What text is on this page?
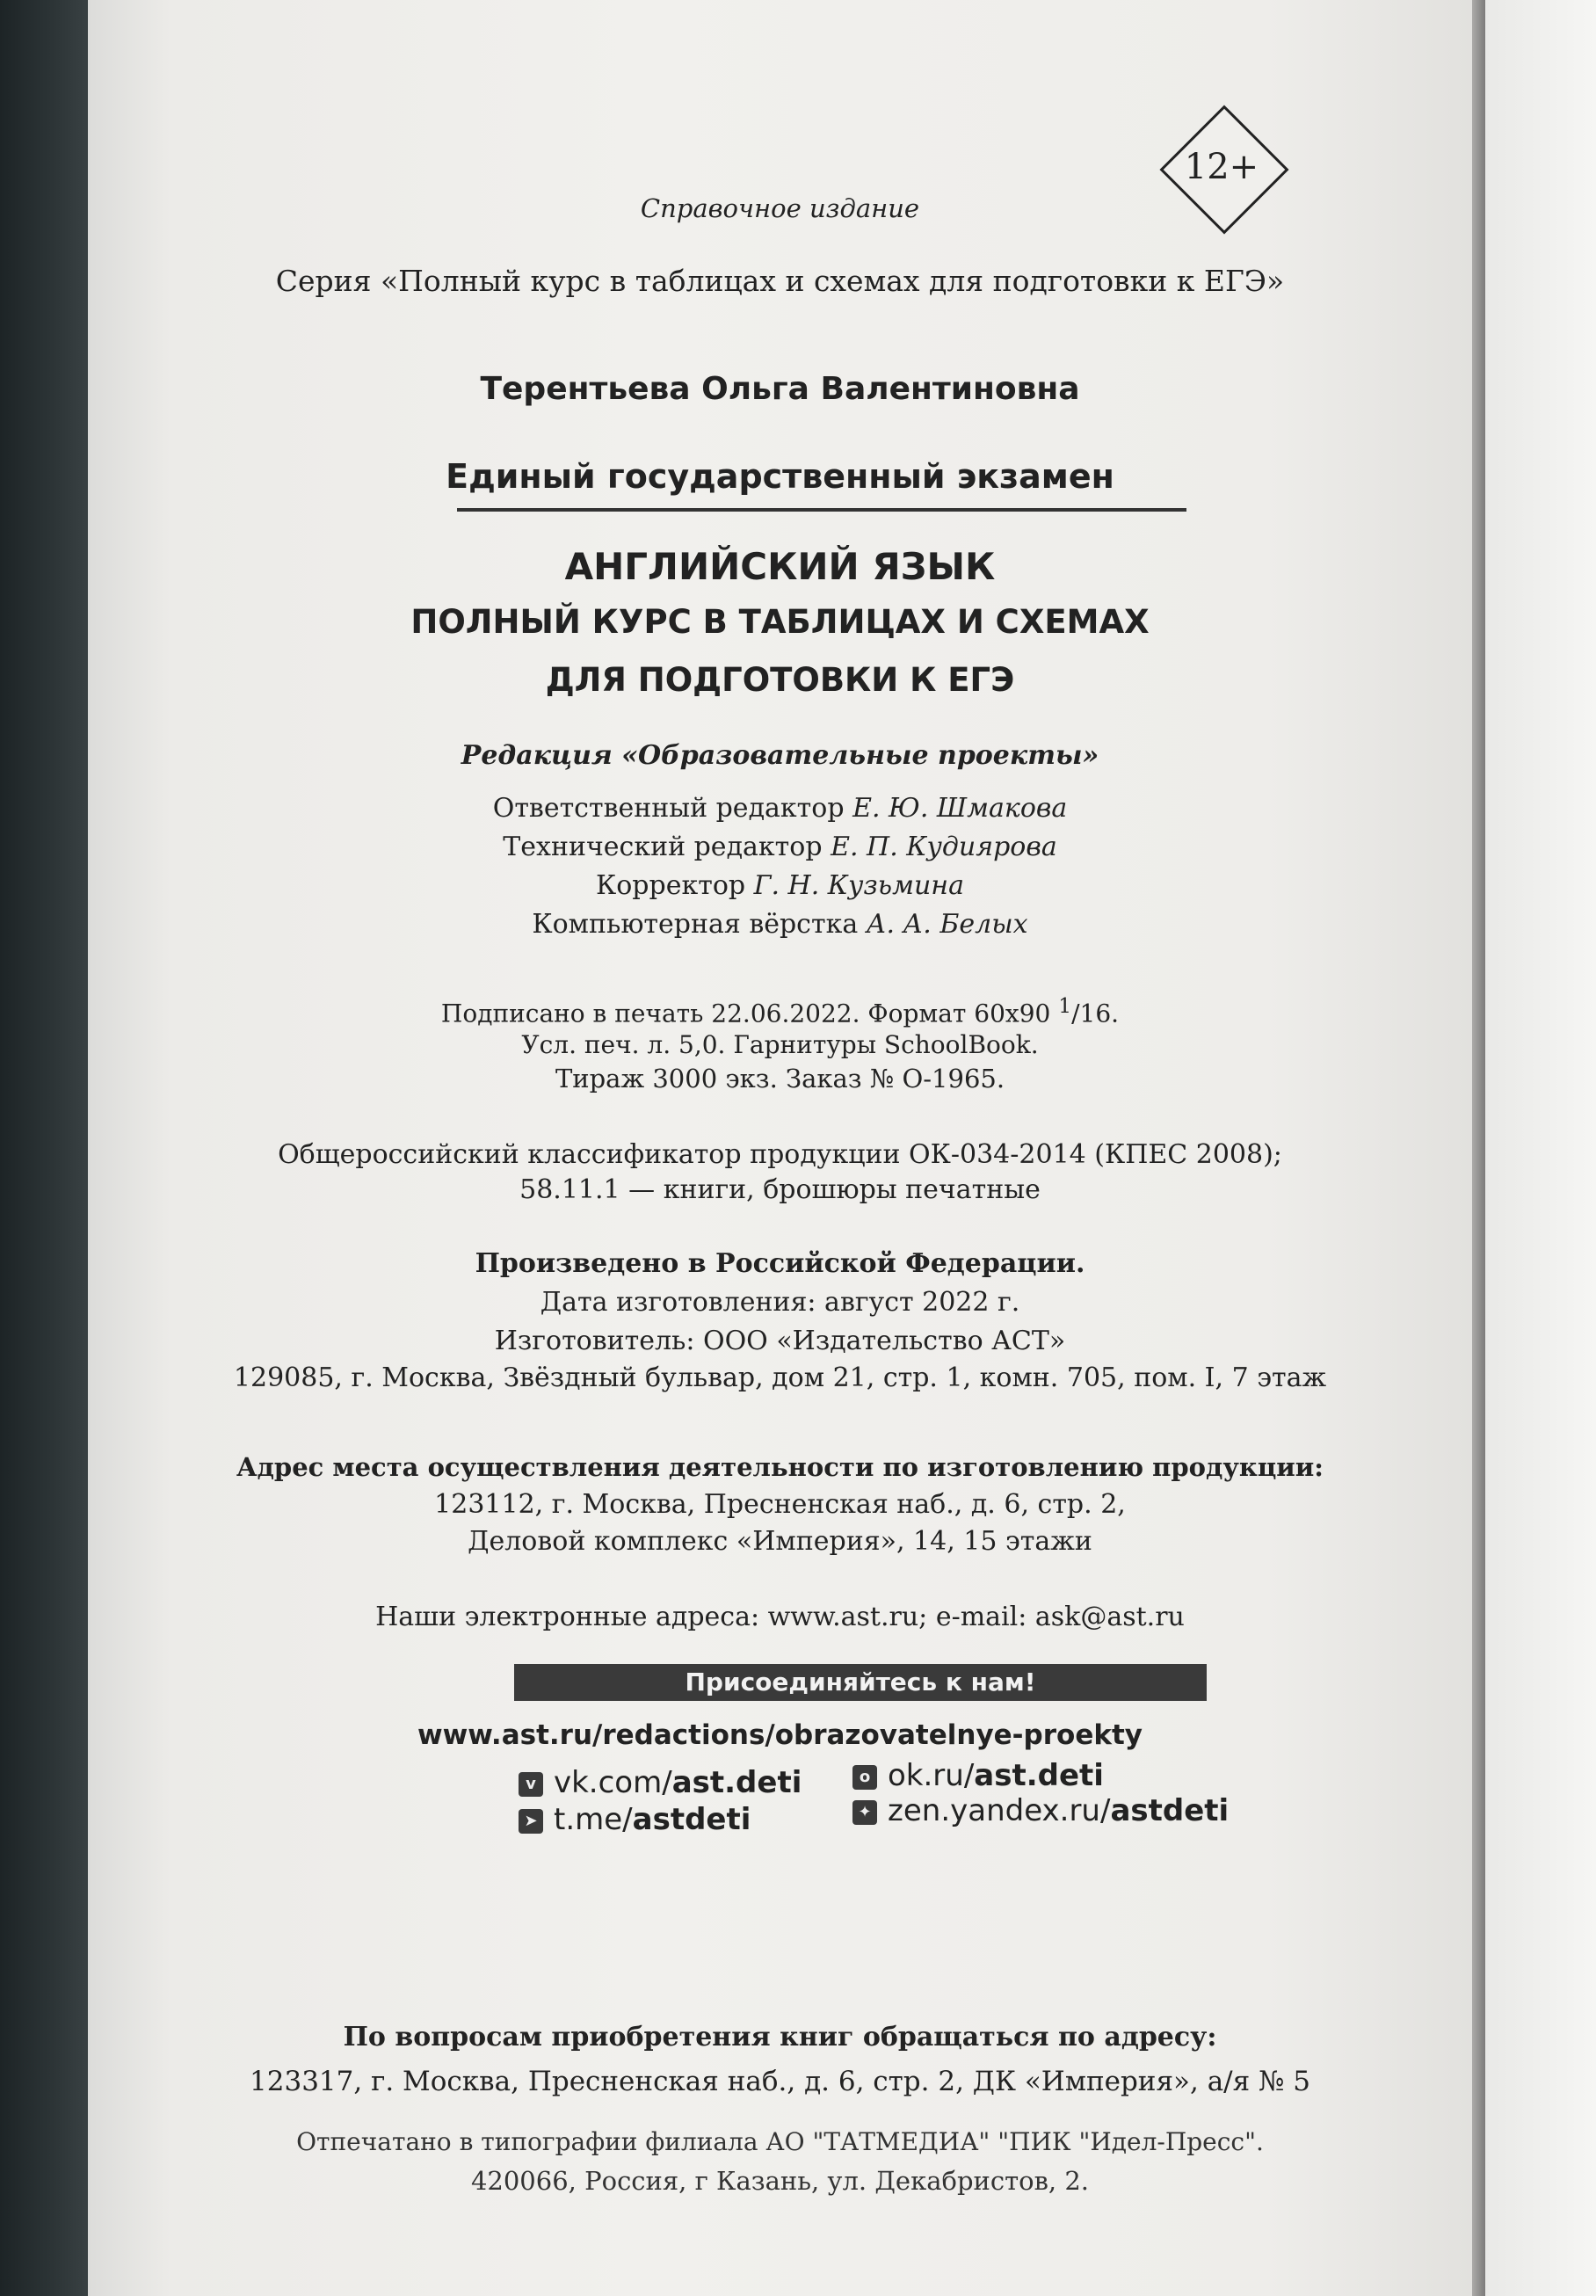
12+
Справочное издание
Серия «Полный курс в таблицах и схемах для подготовки к ЕГЭ»
Терентьева Ольга Валентиновна
Единый государственный экзамен
АНГЛИЙСКИЙ ЯЗЫК
ПОЛНЫЙ КУРС В ТАБЛИЦАХ И СХЕМАХ
ДЛЯ ПОДГОТОВКИ К ЕГЭ
Редакция «Образовательные проекты»
Ответственный редактор Е. Ю. Шмакова
Технический редактор Е. П. Кудиярова
Корректор Г. Н. Кузьмина
Компьютерная вёрстка А. А. Белых
Подписано в печать 22.06.2022. Формат 60х90 $^1$/16.
Усл. печ. л. 5,0. Гарнитуры SchoolBook.
Тираж 3000 экз. Заказ № О-1965.
Общероссийский классификатор продукции ОК-034-2014 (КПЕС 2008);
58.11.1 — книги, брошюры печатные
Произведено в Российской Федерации.
Дата изготовления: август 2022 г.
Изготовитель: ООО «Издательство АСТ»
129085, г. Москва, Звёздный бульвар, дом 21, стр. 1, комн. 705, пом. I, 7 этаж
Адрес места осуществления деятельности по изготовлению продукции:
123112, г. Москва, Пресненская наб., д. 6, стр. 2,
Деловой комплекс «Империя», 14, 15 этажи
Наши электронные адреса: www.ast.ru; e-mail: ask@ast.ru
Присоединяйтесь к нам!
www.ast.ru/redactions/obrazovatelnye-proekty
v vk.com/ast.deti	o ok.ru/ast.deti
➤ t.me/astdeti	✦ zen.yandex.ru/astdeti
По вопросам приобретения книг обращаться по адресу:
123317, г. Москва, Пресненская наб., д. 6, стр. 2, ДК «Империя», а/я № 5
Отпечатано в типографии филиала АО "ТАТМЕДИА" "ПИК "Идел-Пресс".
420066, Россия, г Казань, ул. Декабристов, 2.
